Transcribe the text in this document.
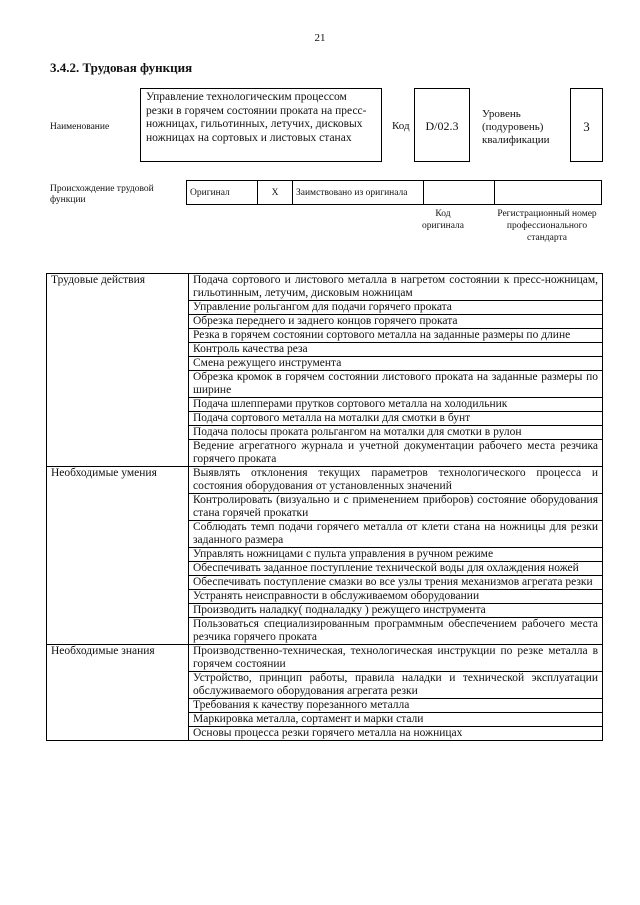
21
3.4.2. Трудовая функция
Наименование
Управление технологическим процессом резки в горячем состоянии проката на пресс-ножницах, гильотинных, летучих, дисковых ножницах на сортовых и листовых станах
Код	D/02.3
Уровень (подуровень) квалификации
3
Происхождение трудовой функции
Оригинал	X	Заимствовано из оригинала		
Код оригинала
Регистрационный номер профессионального стандарта
Трудовые действия	Подача сортового и листового металла в нагретом состоянии к пресс-ножницам, гильотинным, летучим, дисковым ножницам
	Управление рольгангом для подачи горячего проката
	Обрезка переднего и заднего концов горячего проката
	Резка в горячем состоянии сортового металла на заданные размеры по длине
	Контроль качества реза
	Смена режущего инструмента
	Обрезка кромок в горячем состоянии листового проката на заданные размеры по ширине
	Подача шлепперами прутков сортового металла на холодильник
	Подача сортового металла на моталки для смотки в бунт
	Подача полосы проката рольгангом на моталки для смотки в рулон
	Ведение агрегатного журнала и учетной документации рабочего места резчика горячего проката
Необходимые умения	Выявлять отклонения текущих параметров технологического процесса и состояния оборудования от установленных значений
	Контролировать (визуально и с применением приборов) состояние оборудования стана горячей прокатки
	Соблюдать темп подачи горячего металла от клети стана на ножницы для резки заданного размера
	Управлять ножницами с пульта управления в ручном режиме
	Обеспечивать заданное поступление технической воды для охлаждения ножей
	Обеспечивать поступление смазки во все узлы трения механизмов агрегата резки
	Устранять неисправности в обслуживаемом оборудовании
	Производить наладку( подналадку ) режущего инструмента
	Пользоваться специализированным программным обеспечением рабочего места резчика горячего проката
Необходимые знания	Производственно-техническая, технологическая инструкции по резке металла в горячем состоянии
	Устройство, принцип работы, правила наладки и технической эксплуатации обслуживаемого оборудования агрегата резки
	Требования к качеству порезанного металла
	Маркировка металла, сортамент и марки стали
	Основы процесса резки горячего металла на ножницах
